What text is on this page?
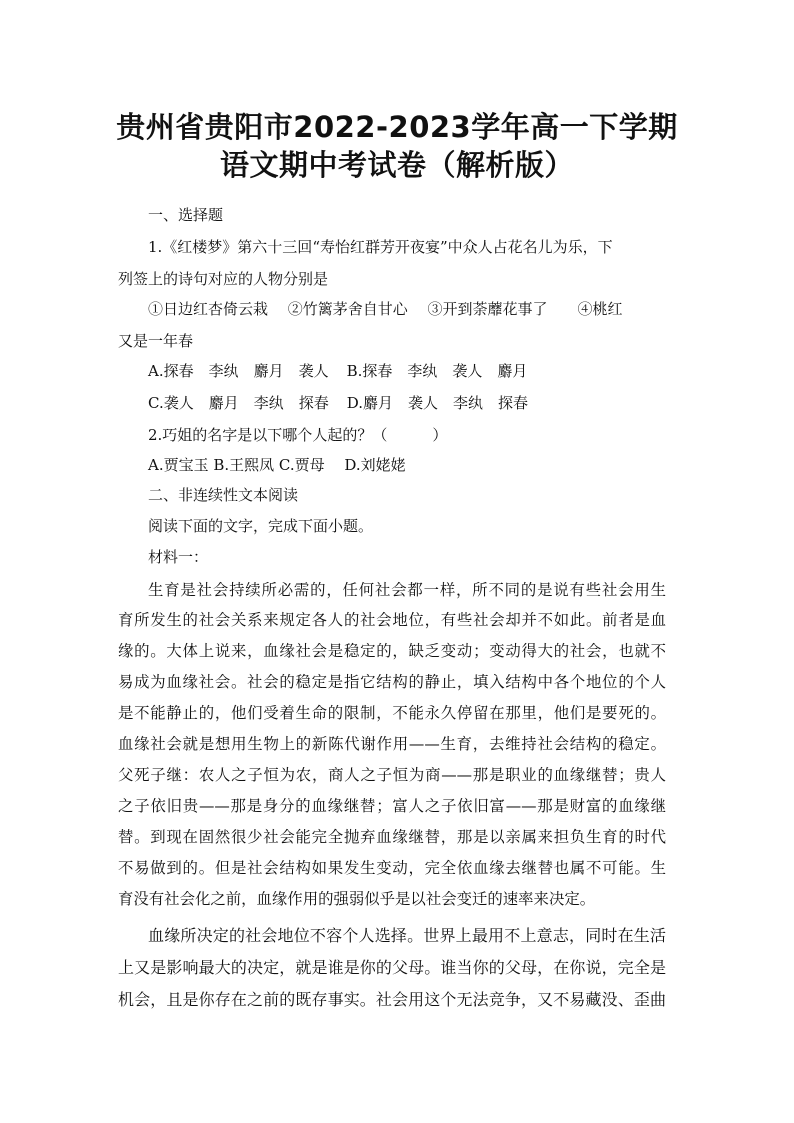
贵州省贵阳市2022-2023学年高一下学期
语文期中考试卷（解析版）
一、选择题
1.《红楼梦》第六十三回“寿怡红群芳开夜宴”中众人占花名儿为乐，下
列签上的诗句对应的人物分别是
①日边红杏倚云栽　 ②竹篱茅舍自甘心　 ③开到荼蘼花事了　　④桃红
又是一年春
A.探春　李纨　麝月　袭人 B.探春　李纨　袭人　麝月
C.袭人　麝月　李纨　探春 D.麝月　袭人　李纨　探春
2.巧姐的名字是以下哪个人起的？（　　　）
A.贾宝玉 B.王熙凤 C.贾母　 D.刘姥姥
二、非连续性文本阅读
阅读下面的文字，完成下面小题。
材料一：
生育是社会持续所必需的，任何社会都一样，所不同的是说有些社会用生
育所发生的社会关系来规定各人的社会地位，有些社会却并不如此。前者是血
缘的。大体上说来，血缘社会是稳定的，缺乏变动；变动得大的社会，也就不
易成为血缘社会。社会的稳定是指它结构的静止，填入结构中各个地位的个人
是不能静止的，他们受着生命的限制，不能永久停留在那里，他们是要死的。
血缘社会就是想用生物上的新陈代谢作用——生育，去维持社会结构的稳定。
父死子继：农人之子恒为农，商人之子恒为商——那是职业的血缘继替；贵人
之子依旧贵——那是身分的血缘继替；富人之子依旧富——那是财富的血缘继
替。到现在固然很少社会能完全抛弃血缘继替，那是以亲属来担负生育的时代
不易做到的。但是社会结构如果发生变动，完全依血缘去继替也属不可能。生
育没有社会化之前，血缘作用的强弱似乎是以社会变迁的速率来决定。
血缘所决定的社会地位不容个人选择。世界上最用不上意志，同时在生活
上又是影响最大的决定，就是谁是你的父母。谁当你的父母，在你说，完全是
机会，且是你存在之前的既存事实。社会用这个无法竞争，又不易藏没、歪曲
